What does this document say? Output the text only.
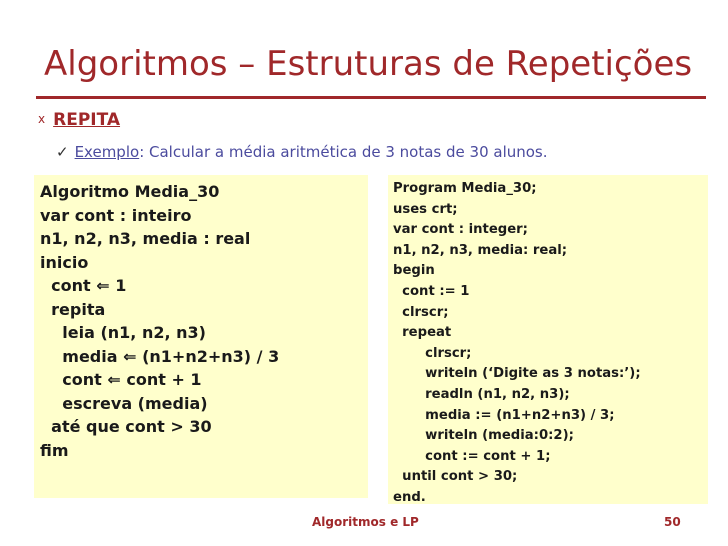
Algoritmos – Estruturas de Repetições
x REPITA
✓ Exemplo: Calcular a média aritmética de 3 notas de 30 alunos.
Algoritmo Media_30
var cont : inteiro
n1, n2, n3, media : real
inicio
cont ⇐ 1
repita
leia (n1, n2, n3)
media ⇐ (n1+n2+n3) / 3
cont ⇐ cont + 1
escreva (media)
até que cont > 30
fim
Program Media_30;
uses crt;
var cont : integer;
n1, n2, n3, media: real;
begin
cont := 1
clrscr;
repeat
clrscr;
writeln (‘Digite as 3 notas:’);
readln (n1, n2, n3);
media := (n1+n2+n3) / 3;
writeln (media:0:2);
cont := cont + 1;
until cont > 30;
end.
Algoritmos e LP	50
